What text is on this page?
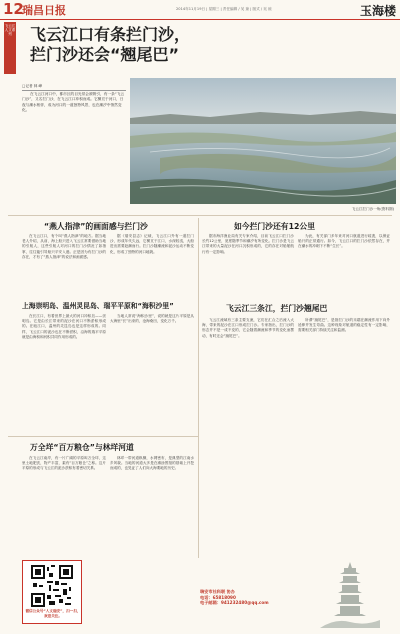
12
瑞昌日报	2014年11月19日 | 星期三 | 责任编辑 / 吴 琼 | 版式 / 吴 琼	玉海楼
飞云江人文系列 飞云江口有条拦门沙，
拦门沙还会“翘尾巴”
□记者 林 峰
在飞云江河口中，都市区的目光常会被吸引，有一条“飞云门沙”，又名拦门沙，在飞云江口冲积而成。它横亘于河口，日夜与潮水相伴，成为河口的一道独特风景，也在潮汐中悄然变化。
飞云江拦门沙一角(资料图)
“燕人指津”的画面感与拦门沙
在飞云江口，有个叫“燕人指津”的地方。据当地老人介绍，从前，海上船只进入飞云江常要借助当地的引航人，这些引航人对河口的拦门沙情况了如指掌，往往能引导船只平安入港。正是因为有拦门沙的存在，才有了“燕人指津”的说法和画面感。
据《瑞安县志》记载，飞云江口外有一道拦门沙，形成年代久远，它横亘于江口，水深较浅，大船进出需要趁潮而行。拦门沙随潮流和泥沙运动不断变化，形成了独特的河口地貌。
如今拦门沙还有12公里
据市海洋渔业局有关专家介绍，目前飞云江口拦门沙长约12公里，宽度随季节和潮汐有所变化。拦门沙是飞云江带来的大量泥沙在河口沉积形成的，它的存在对船舶航行有一定影响。
为此，有关部门多年来对河口航道进行疏浚，以保证船只的正常通行。如今，飞云江口的拦门沙依然存在，并在潮水的冲刷下不断“生长”。
上海崇明岛、温州灵昆岛、瑞平平原和“海积沙里”
在长江口，有着世界上最大的河口冲积岛——崇明岛。它是由长江带来的泥沙在河口不断淤积形成的。在瓯江口，温州的灵昆岛也是这样形成的。同样，飞云江口的泥沙也在不断淤积，沿海的瑞平平原就是由海积和河积共同作用形成的。
当地人常说“海积沙里”，说的就是这片平原是从大海里“长”出来的，沧海桑田，变化万千。
飞云江三条江，拦门沙翘尾巴
飞云江流域有三条主要支流，它们在汇合之后流入大海，带来的泥沙在江口形成拦门沙。专家指出，拦门沙的形态并不是一成不变的，它会随着潮流和季节的变化而摆动，有时还会“翘尾巴”。
所谓“翘尾巴”，是指拦门沙的末端在潮流作用下向外延伸并发生弯曲。这种现象对航道的稳定性有一定影响，需要相关部门持续关注和监测。
万全垟“百万粮仓”与林垟河道
在飞云江南岸，有一片广阔的平原叫万全垟，这里土地肥沃，物产丰富，素有“百万粮仓”之称。这片平原的形成与飞云江的泥沙淤积有着密切关系。
林垟一带河道纵横，水网密布，是典型的江南水乡风貌。当地的河道大多是在滩涂围垦的基础上开挖而成的，也见证了人们向大海要地的历史。
微信公众号“人文瑞安”，扫一扫，欢迎关注。
瑞安市社科联 协办
电话：65818090
电子邮箱：941232480@qq.com
